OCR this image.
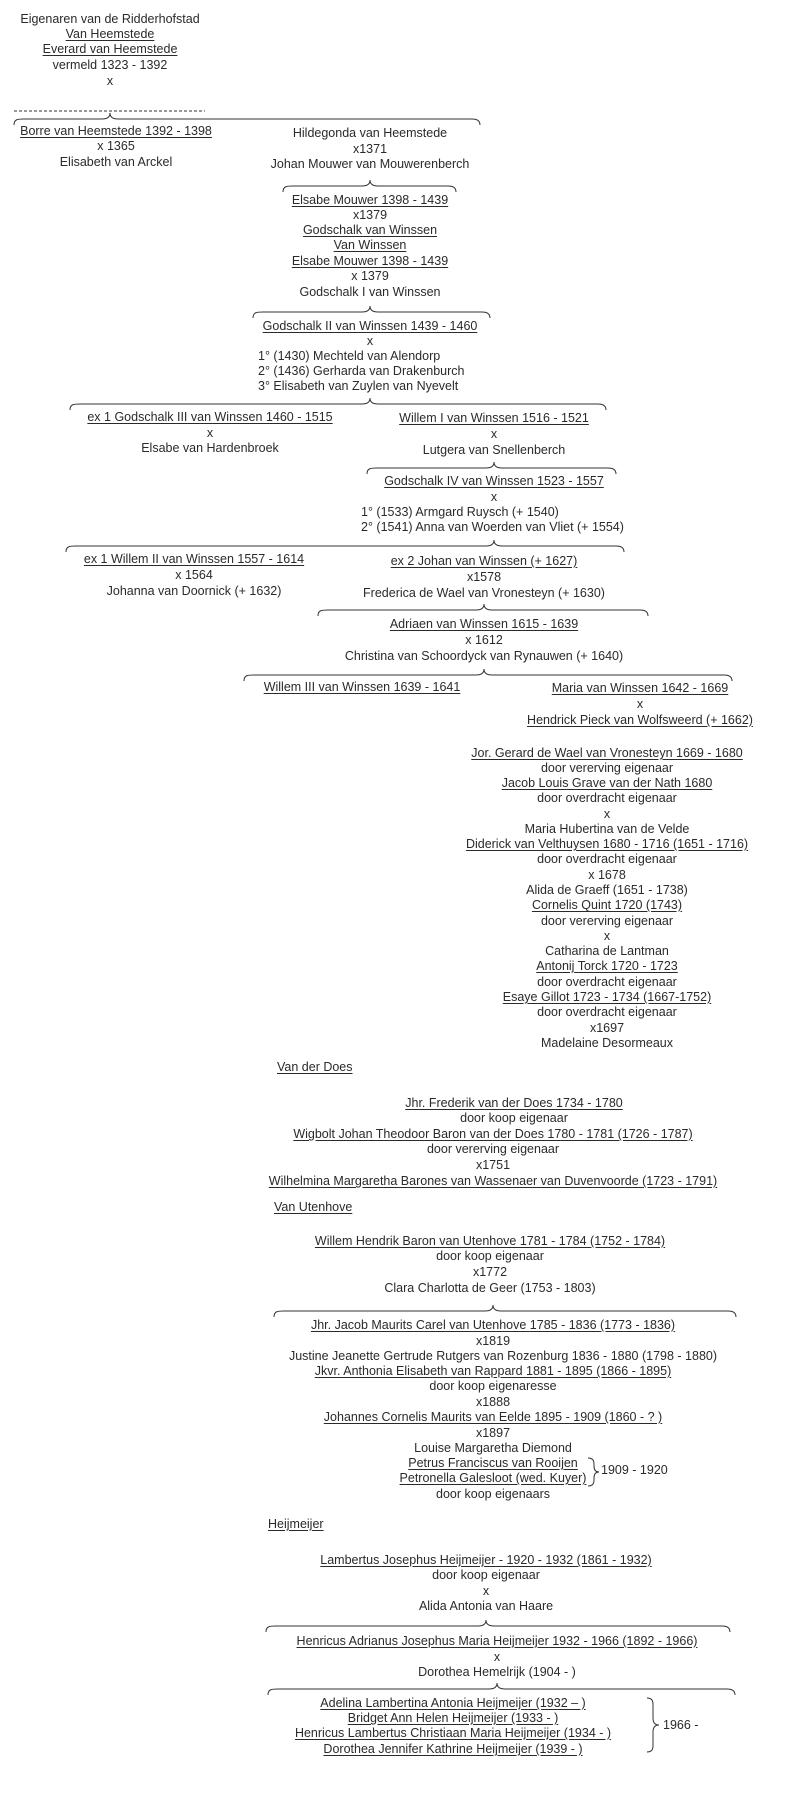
Eigenaren van de Ridderhofstad
Van Heemstede
Everard van Heemstede
vermeld 1323 - 1392
x
Borre van Heemstede 1392 - 1398
x 1365
Elisabeth van Arckel
Hildegonda van Heemstede
x1371
Johan Mouwer van Mouwerenberch
Elsabe Mouwer 1398 - 1439
x1379
Godschalk van Winssen
Van Winssen
Elsabe Mouwer 1398 - 1439
x 1379
Godschalk I van Winssen
Godschalk II van Winssen 1439 - 1460
x
1° (1430) Mechteld van Alendorp
2° (1436) Gerharda van Drakenburch
3° Elisabeth van Zuylen van Nyevelt
ex 1 Godschalk III van Winssen 1460 - 1515
x
Elsabe van Hardenbroek
Willem I van Winssen 1516 - 1521
x
Lutgera van Snellenberch
Godschalk IV van Winssen 1523 - 1557
x
1° (1533) Armgard Ruysch (+ 1540)
2° (1541) Anna van Woerden van Vliet (+ 1554)
ex 1 Willem II van Winssen 1557 - 1614
x 1564
Johanna van Doornick (+ 1632)
ex 2 Johan van Winssen (+ 1627)
x1578
Frederica de Wael van Vronesteyn (+ 1630)
Adriaen van Winssen 1615 - 1639
x 1612
Christina van Schoordyck van Rynauwen (+ 1640)
Willem III van Winssen 1639 - 1641	Maria van Winssen 1642 - 1669
x
Hendrick Pieck van Wolfsweerd (+ 1662)
Jor. Gerard de Wael van Vronesteyn 1669 - 1680
door vererving eigenaar
Jacob Louis Grave van der Nath 1680
door overdracht eigenaar
x
Maria Hubertina van de Velde
Diderick van Velthuysen 1680 - 1716 (1651 - 1716)
door overdracht eigenaar
x 1678
Alida de Graeff (1651 - 1738)
Cornelis Quint 1720 (1743)
door vererving eigenaar
x
Catharina de Lantman
Antonij Torck 1720 - 1723
door overdracht eigenaar
Esaye Gillot 1723 - 1734 (1667-1752)
door overdracht eigenaar
x1697
Madelaine Desormeaux
Van der Does
Jhr. Frederik van der Does 1734 - 1780
door koop eigenaar
Wigbolt Johan Theodoor Baron van der Does 1780 - 1781 (1726 - 1787)
door vererving eigenaar
x1751
Wilhelmina Margaretha Barones van Wassenaer van Duvenvoorde (1723 - 1791)
Van Utenhove
Willem Hendrik Baron van Utenhove 1781 - 1784 (1752 - 1784)
door koop eigenaar
x1772
Clara Charlotta de Geer (1753 - 1803)
Jhr. Jacob Maurits Carel van Utenhove 1785 - 1836 (1773 - 1836)
x1819
Justine Jeanette Gertrude Rutgers van Rozenburg 1836 - 1880 (1798 - 1880)
Jkvr. Anthonia Elisabeth van Rappard 1881 - 1895 (1866 - 1895)
door koop eigenaresse
x1888
Johannes Cornelis Maurits van Eelde 1895 - 1909 (1860 - ? )
x1897
Louise Margaretha Diemond
Petrus Franciscus van Rooijen
Petronella Galesloot (wed. Kuyer)
door koop eigenaars
Heijmeijer
Lambertus Josephus Heijmeijer - 1920 - 1932 (1861 - 1932)
door koop eigenaar
x
Alida Antonia van Haare
Henricus Adrianus Josephus Maria Heijmeijer 1932 - 1966 (1892 - 1966)
x
Dorothea Hemelrijk (1904 - )
Adelina Lambertina Antonia Heijmeijer (1932 – )
Bridget Ann Helen Heijmeijer (1933 - )
Henricus Lambertus Christiaan Maria Heijmeijer (1934 - )
Dorothea Jennifer Kathrine Heijmeijer (1939 - )
1909 - 1920
1966 -
